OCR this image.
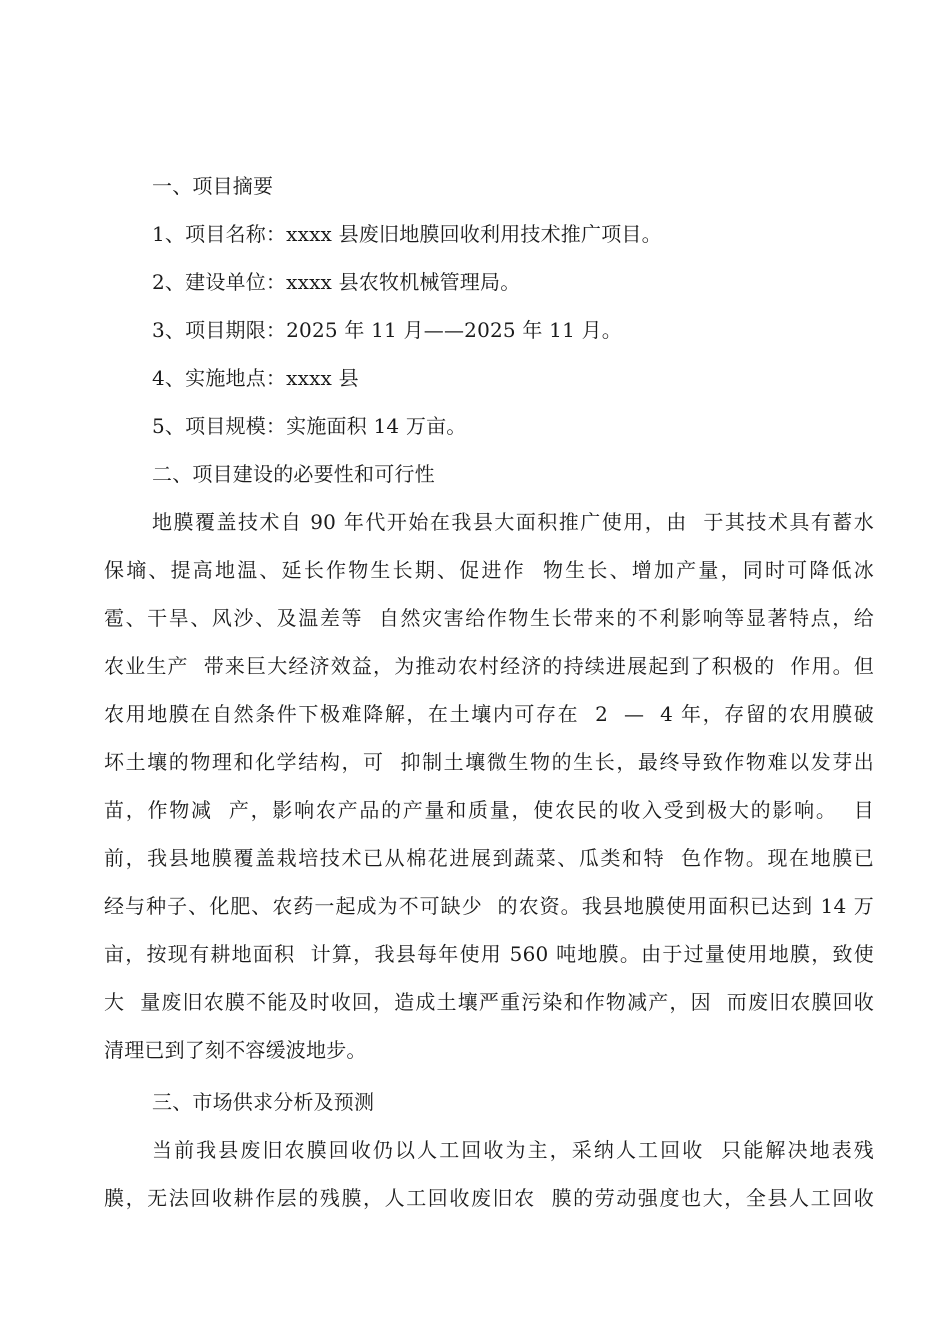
一、项目摘要
1、项目名称：xxxx 县废旧地膜回收利用技术推广项目。
2、建设单位：xxxx 县农牧机械管理局。
3、项目期限：2025 年 11 月——2025 年 11 月。
4、实施地点：xxxx 县
5、项目规模：实施面积 14 万亩。
二、项目建设的必要性和可行性
地膜覆盖技术自 90 年代开始在我县大面积推广使用，由  于其技术具有蓄水
保墒、提高地温、延长作物生长期、促进作  物生长、增加产量，同时可降低冰
雹、干旱、风沙、及温差等  自然灾害给作物生长带来的不利影响等显著特点，给
农业生产  带来巨大经济效益，为推动农村经济的持续进展起到了积极的  作用。但
农用地膜在自然条件下极难降解，在土壤内可存在  2  —  4 年，存留的农用膜破
坏土壤的物理和化学结构，可  抑制土壤微生物的生长，最终导致作物难以发芽出
苗，作物减  产，影响农产品的产量和质量，使农民的收入受到极大的影响。  目
前，我县地膜覆盖栽培技术已从棉花进展到蔬菜、瓜类和特  色作物。现在地膜已
经与种子、化肥、农药一起成为不可缺少  的农资。我县地膜使用面积已达到 14 万
亩，按现有耕地面积  计算，我县每年使用 560 吨地膜。由于过量使用地膜，致使
大  量废旧农膜不能及时收回，造成土壤严重污染和作物减产，因  而废旧农膜回收
清理已到了刻不容缓波地步。
三、市场供求分析及预测
当前我县废旧农膜回收仍以人工回收为主，采纳人工回收  只能解决地表残
膜，无法回收耕作层的残膜，人工回收废旧农  膜的劳动强度也大，全县人工回收
